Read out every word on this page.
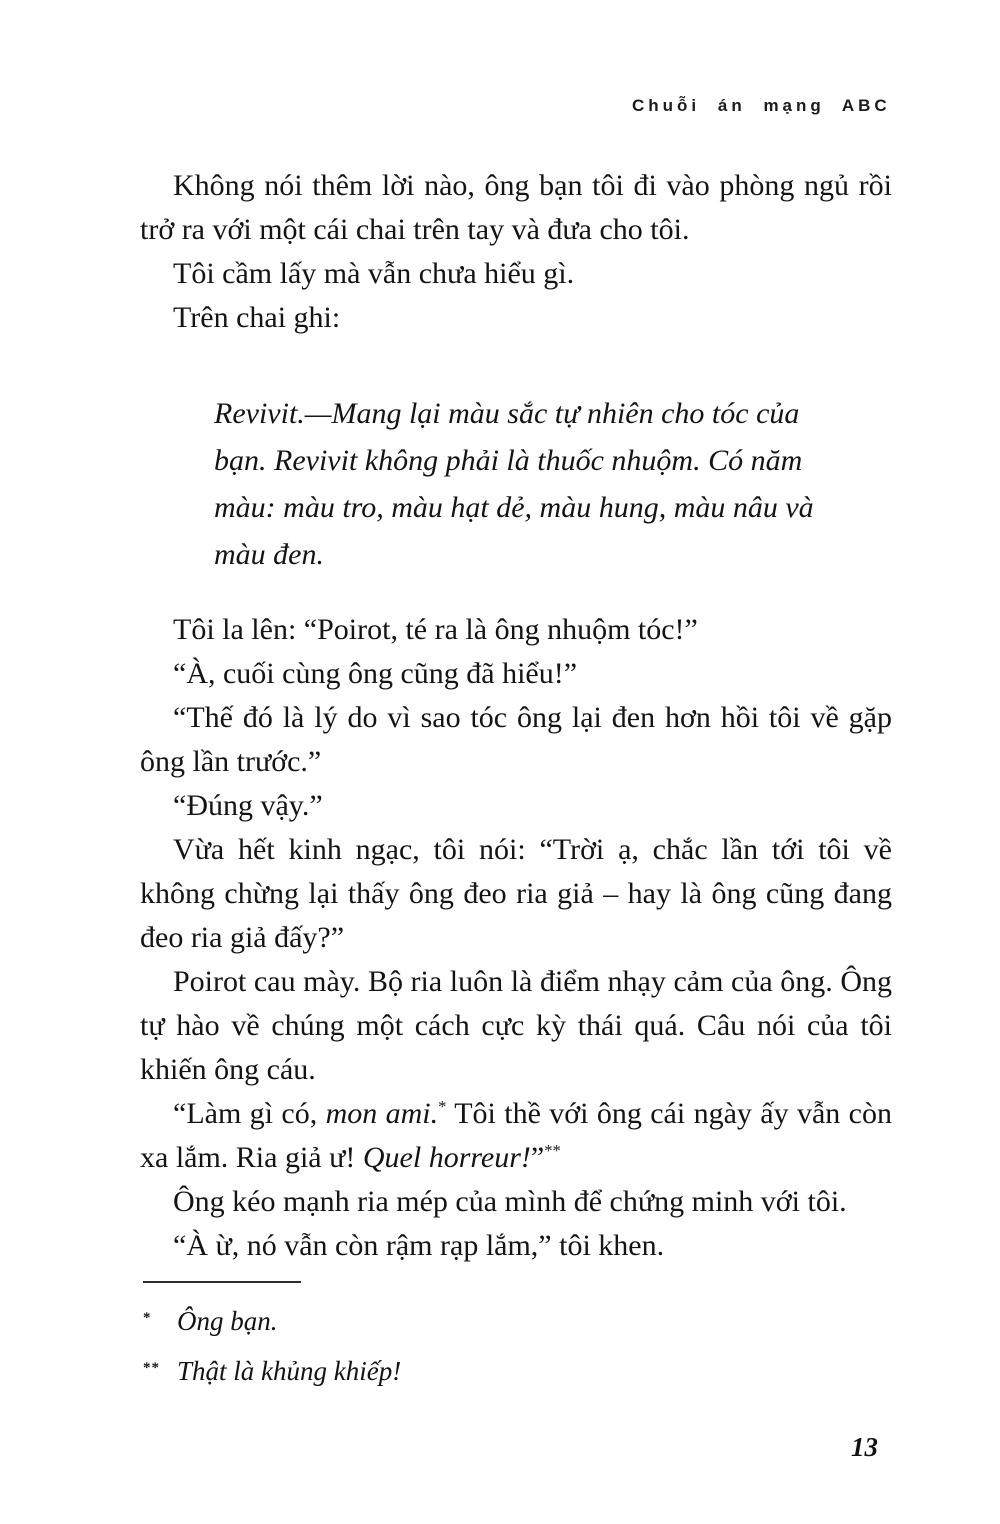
Chuỗi án mạng ABC

Không nói thêm lời nào, ông bạn tôi đi vào phòng ngủ rồi trở ra với một cái chai trên tay và đưa cho tôi.

Tôi cầm lấy mà vẫn chưa hiểu gì.

Trên chai ghi:

Revivit.—Mang lại màu sắc tự nhiên cho tóc của bạn. Revivit không phải là thuốc nhuộm. Có năm màu: màu tro, màu hạt dẻ, màu hung, màu nâu và màu đen.

Tôi la lên: “Poirot, té ra là ông nhuộm tóc!”

“À, cuối cùng ông cũng đã hiểu!”

“Thế đó là lý do vì sao tóc ông lại đen hơn hồi tôi về gặp ông lần trước.”

“Đúng vậy.”

Vừa hết kinh ngạc, tôi nói: “Trời ạ, chắc lần tới tôi về không chừng lại thấy ông đeo ria giả – hay là ông cũng đang đeo ria giả đấy?”

Poirot cau mày. Bộ ria luôn là điểm nhạy cảm của ông. Ông tự hào về chúng một cách cực kỳ thái quá. Câu nói của tôi khiến ông cáu.

“Làm gì có, mon ami.* Tôi thề với ông cái ngày ấy vẫn còn xa lắm. Ria giả ư! Quel horreur!”**

Ông kéo mạnh ria mép của mình để chứng minh với tôi.

“À ừ, nó vẫn còn rậm rạp lắm,” tôi khen.

* Ông bạn.
** Thật là khủng khiếp!
13
